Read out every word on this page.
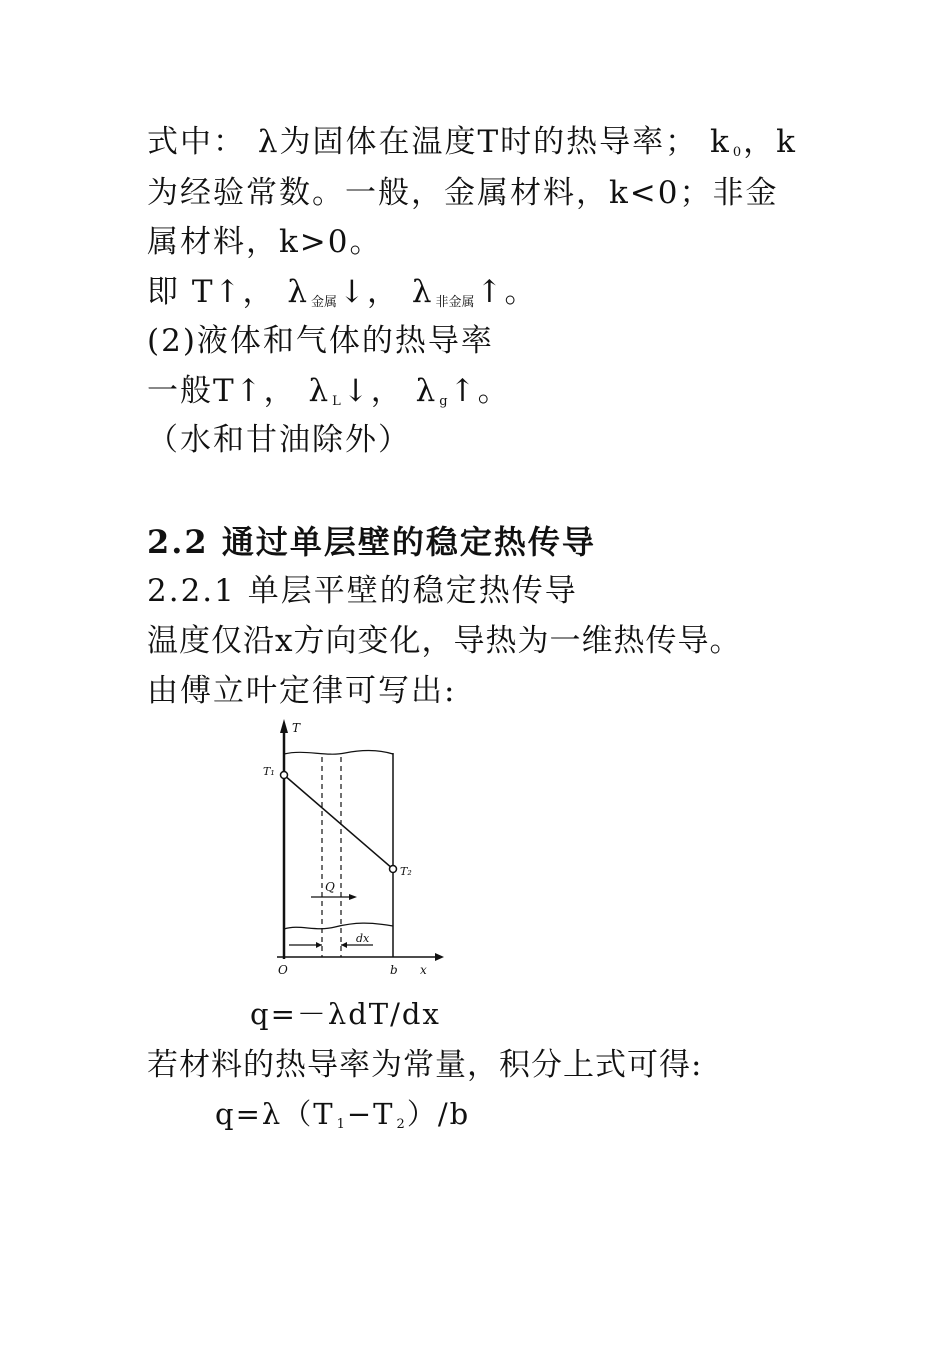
式中： λ为固体在温度T时的热导率； k $_0$，k
为经验常数。一般，金属材料，k<0；非金
属材料，k>0。
即 T↑， λ $_{金属}$↓， λ $_{非金属}$↑。
(2)液体和气体的热导率
一般T↑， λ $_L$↓， λ $_g$↑。
（水和甘油除外）
2.2 通过单层壁的稳定热传导
2.2.1 单层平壁的稳定热传导
温度仅沿x方向变化，导热为一维热传导。
由傅立叶定律可写出:
T
T₁
T₂
Q
dx
O	b x
q=－λdT/dx
若材料的热导率为常量，积分上式可得:
q=λ（T $_1$−T $_2$）/b
